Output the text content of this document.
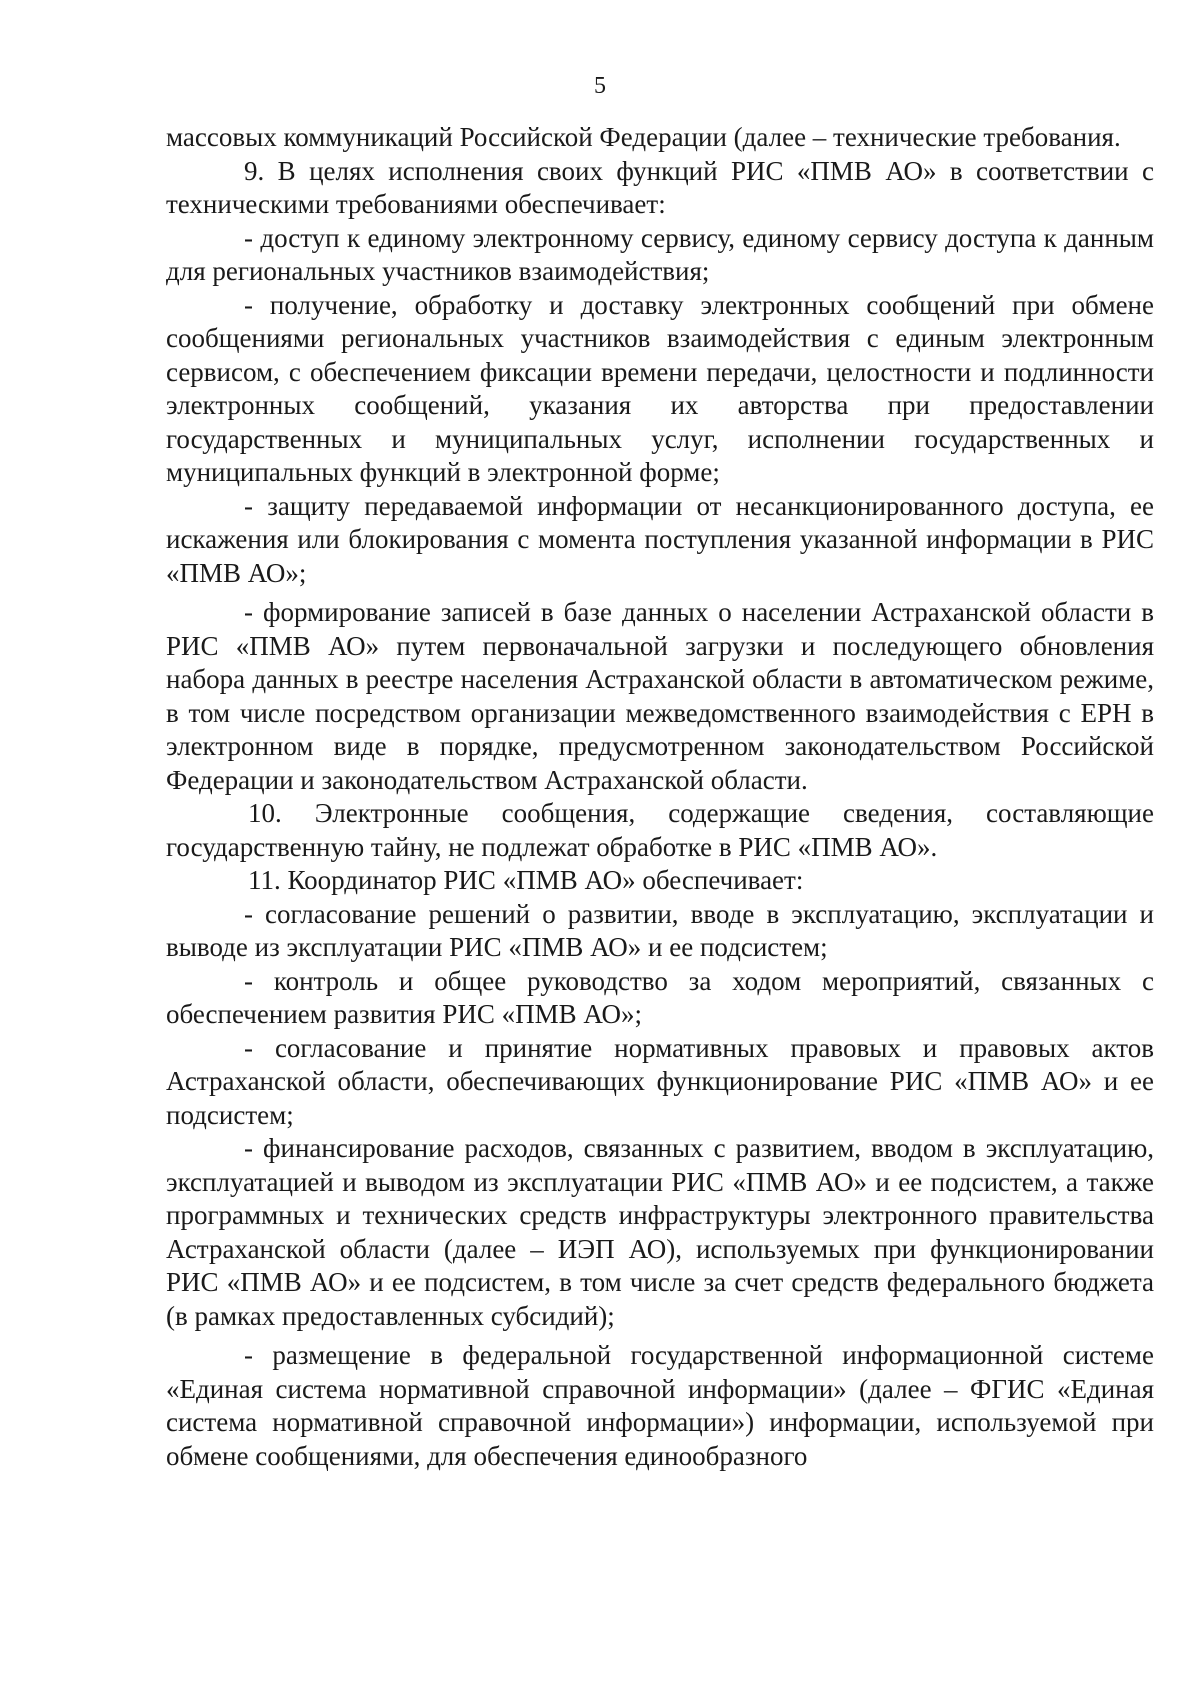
5

массовых коммуникаций Российской Федерации (далее – технические требования.

9. В целях исполнения своих функций РИС «ПМВ АО» в соответствии с техническими требованиями обеспечивает:

- доступ к единому электронному сервису, единому сервису доступа к данным для региональных участников взаимодействия;

- получение, обработку и доставку электронных сообщений при обмене сообщениями региональных участников взаимодействия с единым электронным сервисом, с обеспечением фиксации времени передачи, целостности и подлинности электронных сообщений, указания их авторства при предоставлении государственных и муниципальных услуг, исполнении государственных и муниципальных функций в электронной форме;

- защиту передаваемой информации от несанкционированного доступа, ее искажения или блокирования с момента поступления указанной информации в РИС «ПМВ АО»;

- формирование записей в базе данных о населении Астраханской области в РИС «ПМВ АО» путем первоначальной загрузки и последующего обновления набора данных в реестре населения Астраханской области в автоматическом режиме, в том числе посредством организации межведомственного взаимодействия с ЕРН в электронном виде в порядке, предусмотренном законодательством Российской Федерации и законодательством Астраханской области.

10. Электронные сообщения, содержащие сведения, составляющие государственную тайну, не подлежат обработке в РИС «ПМВ АО».

11. Координатор РИС «ПМВ АО» обеспечивает:

- согласование решений о развитии, вводе в эксплуатацию, эксплуатации и выводе из эксплуатации РИС «ПМВ АО» и ее подсистем;

- контроль и общее руководство за ходом мероприятий, связанных с обеспечением развития РИС «ПМВ АО»;

- согласование и принятие нормативных правовых и правовых актов Астраханской области, обеспечивающих функционирование РИС «ПМВ АО» и ее подсистем;

- финансирование расходов, связанных с развитием, вводом в эксплуатацию, эксплуатацией и выводом из эксплуатации РИС «ПМВ АО» и ее подсистем, а также программных и технических средств инфраструктуры электронного правительства Астраханской области (далее – ИЭП АО), используемых при функционировании РИС «ПМВ АО» и ее подсистем, в том числе за счет средств федерального бюджета (в рамках предоставленных субсидий);

- размещение в федеральной государственной информационной системе «Единая система нормативной справочной информации» (далее – ФГИС «Единая система нормативной справочной информации») информации, используемой при обмене сообщениями, для обеспечения единообразного
